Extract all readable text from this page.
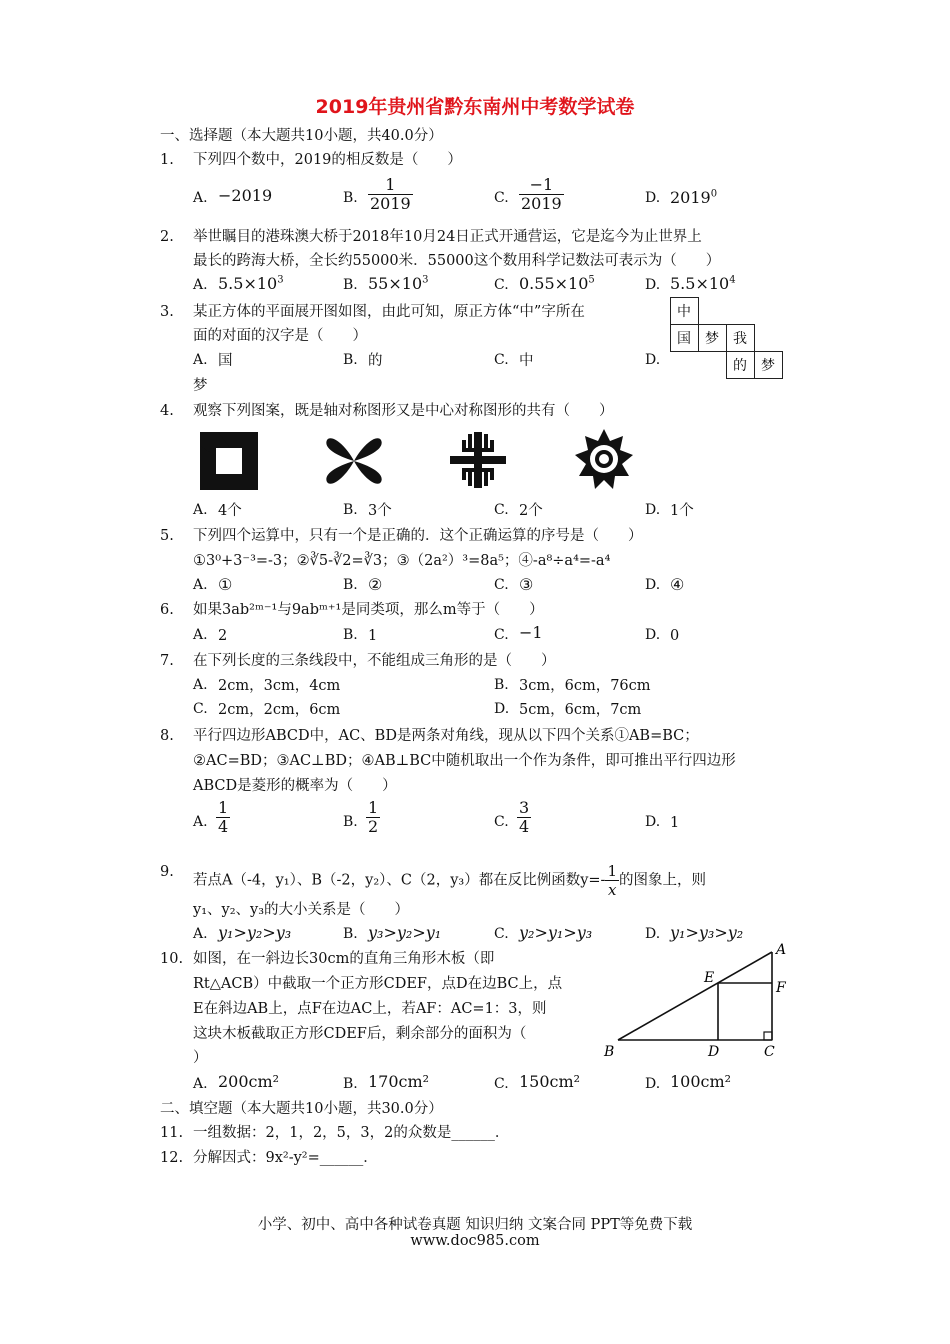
2019年贵州省黔东南州中考数学试卷
一、选择题（本大题共10小题，共40.0分）
1. 下列四个数中，2019的相反数是（　　）
A. −2019	B. $\frac{1}{2019}$	C. $\frac{-1}{2019}$	D. 2019$^0$
2. 举世瞩目的港珠澳大桥于2018年10月24日正式开通营运，它是迄今为止世界上
最长的跨海大桥，全长约55000米．55000这个数用科学记数法可表示为（　　）
A. $5.5\times 10^3$	B. $55\times 10^3$	C. $0.55\times 10^5$	D. $5.5\times 10^4$
3. 某正方体的平面展开图如图，由此可知，原正方体“中”字所在
面的对面的汉字是（　　）
A. 国	B. 的	C. 中	D.
梦
中
国	梦	我
的	梦
4. 观察下列图案，既是轴对称图形又是中心对称图形的共有（　　）
A. 4个	B. 3个	C. 2个	D. 1个
5. 下列四个运算中，只有一个是正确的．这个正确运算的序号是（　　）
①3⁰+3⁻³=-3；②∛5-∛2=∛3；③（2a²）³=8a⁵；④-a⁸÷a⁴=-a⁴
A. ①	B. ②	C. ③	D. ④
6. 如果3ab²ᵐ⁻¹与9abᵐ⁺¹是同类项，那么m等于（　　）
A. 2	B. 1	C. −1	D. 0
7. 在下列长度的三条线段中，不能组成三角形的是（　　）
A. 2cm，3cm，4cm	B. 3cm，6cm，76cm
C. 2cm，2cm，6cm	D. 5cm，6cm，7cm
8. 平行四边形ABCD中，AC、BD是两条对角线，现从以下四个关系①AB=BC；
②AC=BD；③AC⊥BD；④AB⊥BC中随机取出一个作为条件，即可推出平行四边形
ABCD是菱形的概率为（　　）
A. $\frac{1}{4}$	B. $\frac{1}{2}$	C. $\frac{3}{4}$	D. 1
9.
若点A（-4，y₁）、B（-2，y₂）、C（2，y₃）都在反比例函数$y=- \frac{1}{x}$ 的图象上，则
y₁、y₂、y₃的大小关系是（　　）
A. y₁>y₂>y₃	B. y₃>y₂>y₁	C. y₂>y₁>y₃	D. y₁>y₃>y₂
10. 如图，在一斜边长30cm的直角三角形木板（即
Rt△ACB）中截取一个正方形CDEF，点D在边BC上，点
E在斜边AB上，点F在边AC上，若AF：AC=1：3，则
这块木板截取正方形CDEF后，剩余部分的面积为（
）
A
B	C
D
E
F
A. 200cm²	B. 170cm²	C. 150cm²	D. 100cm²
二、填空题（本大题共10小题，共30.0分）
11. 一组数据：2，1，2，5，3，2的众数是______．
12. 分解因式：9x²-y²=______．
小学、初中、高中各种试卷真题 知识归纳 文案合同 PPT等免费下载
www.doc985.com
